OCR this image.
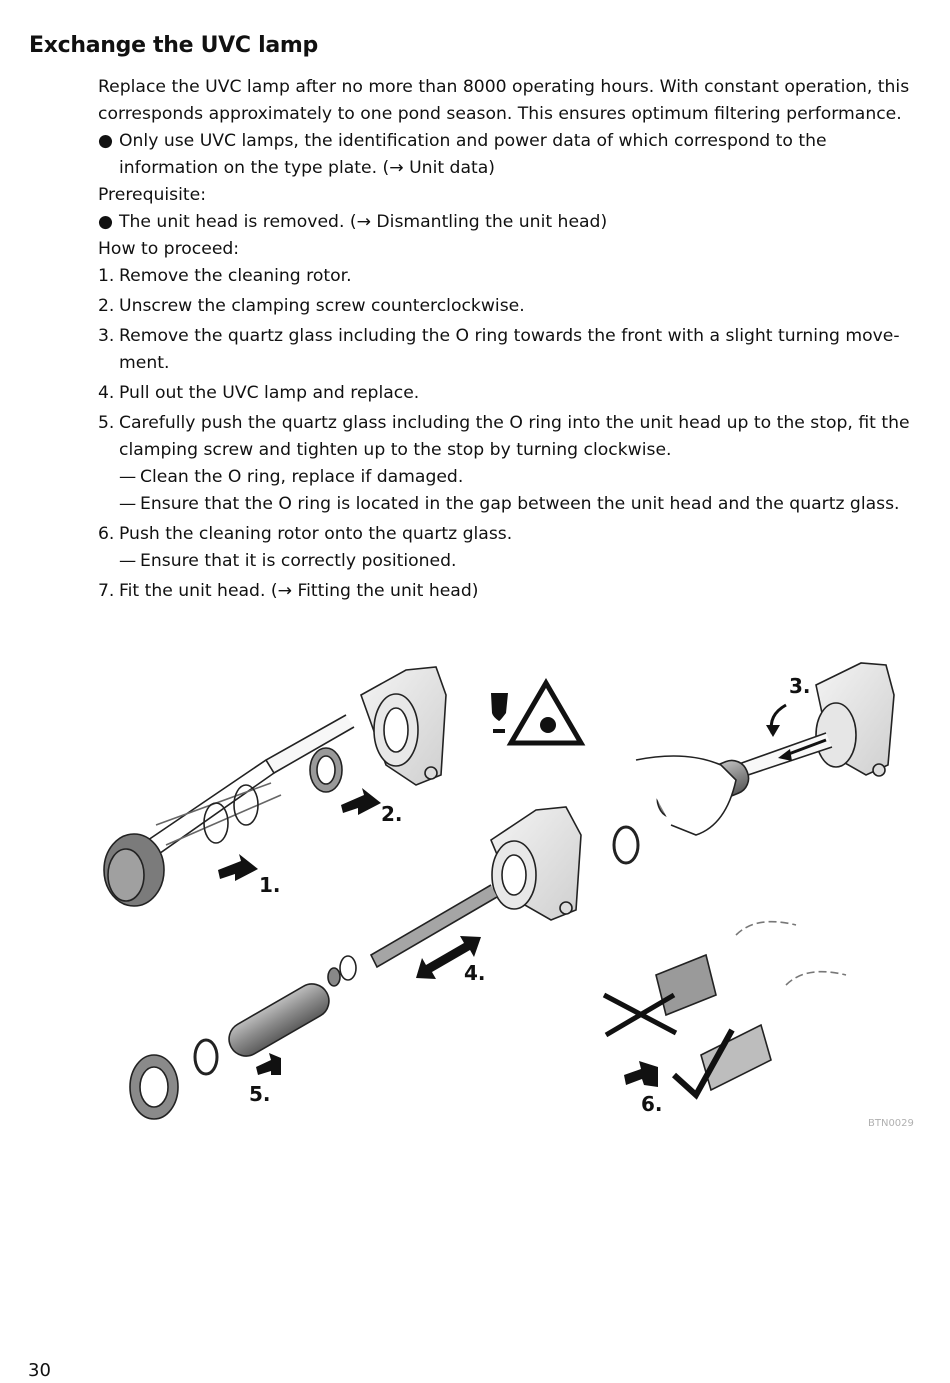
Exchange the UVC lamp

Replace the UVC lamp after no more than 8000 operating hours. With constant operation, this corresponds approximately to one pond season. This ensures optimum filtering performance.

● Only use UVC lamps, the identification and power data of which correspond to the information on the type plate. (→ Unit data)

Prerequisite:

● The unit head is removed. (→ Dismantling the unit head)

How to proceed:

1. Remove the cleaning rotor.
2. Unscrew the clamping screw counterclockwise.
3. Remove the quartz glass including the O ring towards the front with a slight turning move-ment.
4. Pull out the UVC lamp and replace.
5. Carefully push the quartz glass including the O ring into the unit head up to the stop, fit the clamping screw and tighten up to the stop by turning clockwise.
— Clean the O ring, replace if damaged.
— Ensure that the O ring is located in the gap between the unit head and the quartz glass.
6. Push the cleaning rotor onto the quartz glass.
— Ensure that it is correctly positioned.
7. Fit the unit head. (→ Fitting the unit head)
2.
1.
3.
4.
5.	6.
BTN0029
30
